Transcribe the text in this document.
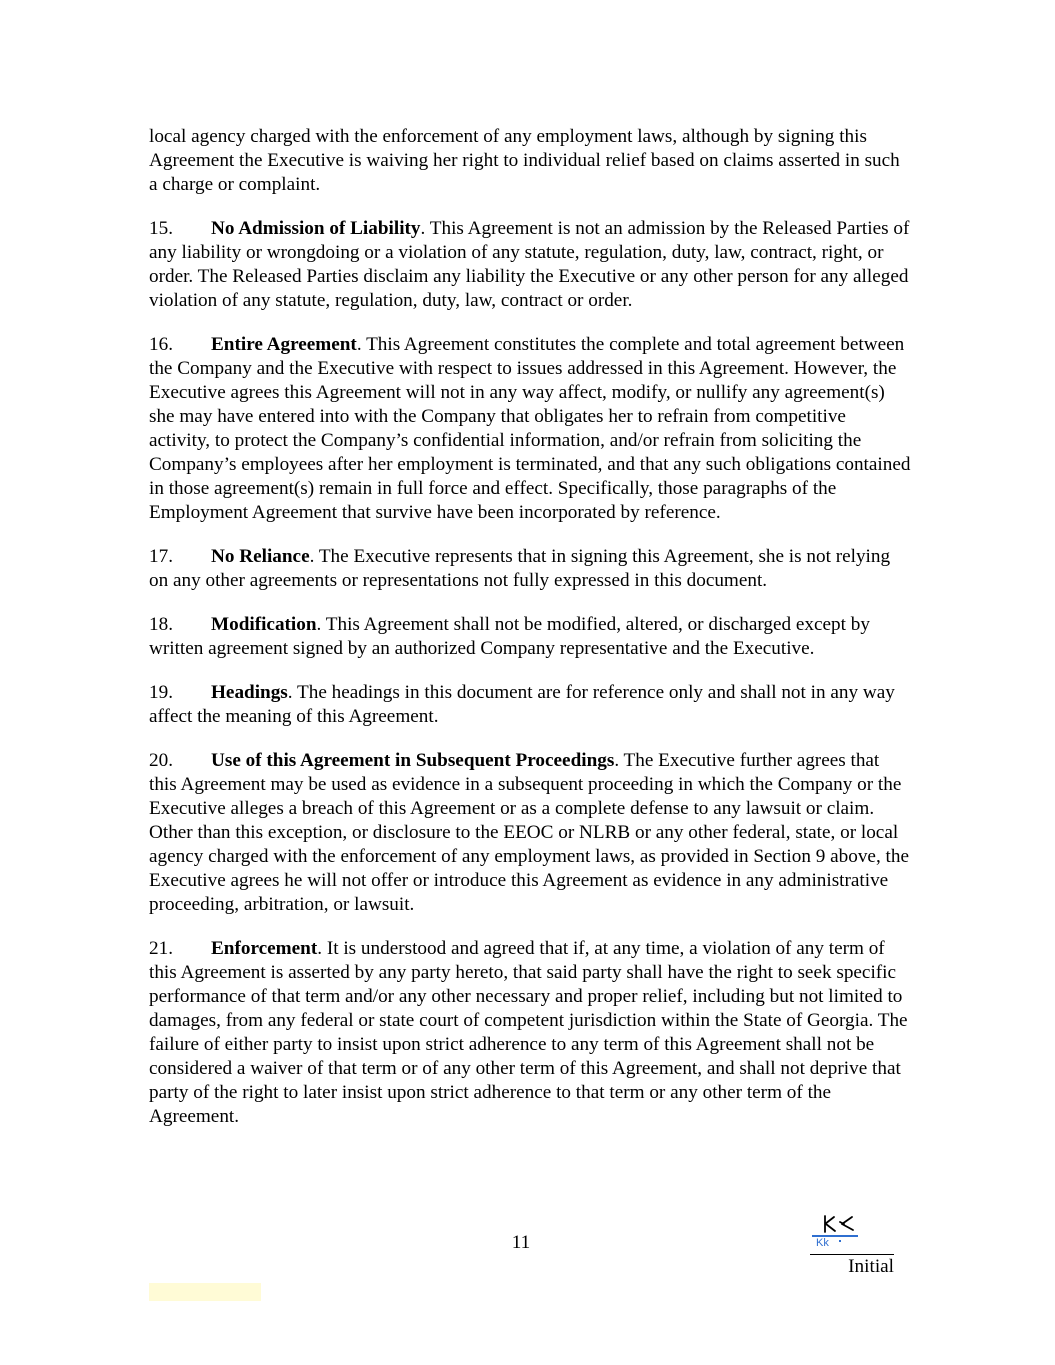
local agency charged with the enforcement of any employment laws, although by signing this Agreement the Executive is waiving her right to individual relief based on claims asserted in such a charge or complaint.

15. No Admission of Liability. This Agreement is not an admission by the Released Parties of any liability or wrongdoing or a violation of any statute, regulation, duty, law, contract, right, or order. The Released Parties disclaim any liability the Executive or any other person for any alleged violation of any statute, regulation, duty, law, contract or order.

16. Entire Agreement. This Agreement constitutes the complete and total agreement between the Company and the Executive with respect to issues addressed in this Agreement. However, the Executive agrees this Agreement will not in any way affect, modify, or nullify any agreement(s) she may have entered into with the Company that obligates her to refrain from competitive activity, to protect the Company’s confidential information, and/or refrain from soliciting the Company’s employees after her employment is terminated, and that any such obligations contained in those agreement(s) remain in full force and effect. Specifically, those paragraphs of the Employment Agreement that survive have been incorporated by reference.

17. No Reliance. The Executive represents that in signing this Agreement, she is not relying on any other agreements or representations not fully expressed in this document.

18. Modification. This Agreement shall not be modified, altered, or discharged except by written agreement signed by an authorized Company representative and the Executive.

19. Headings. The headings in this document are for reference only and shall not in any way affect the meaning of this Agreement.

20. Use of this Agreement in Subsequent Proceedings. The Executive further agrees that this Agreement may be used as evidence in a subsequent proceeding in which the Company or the Executive alleges a breach of this Agreement or as a complete defense to any lawsuit or claim. Other than this exception, or disclosure to the EEOC or NLRB or any other federal, state, or local agency charged with the enforcement of any employment laws, as provided in Section 9 above, the Executive agrees he will not offer or introduce this Agreement as evidence in any administrative proceeding, arbitration, or lawsuit.

21. Enforcement. It is understood and agreed that if, at any time, a violation of any term of this Agreement is asserted by any party hereto, that said party shall have the right to seek specific performance of that term and/or any other necessary and proper relief, including but not limited to damages, from any federal or state court of competent jurisdiction within the State of Georgia. The failure of either party to insist upon strict adherence to any term of this Agreement shall not be considered a waiver of that term or of any other term of this Agreement, and shall not deprive that party of the right to later insist upon strict adherence to that term or any other term of the Agreement.

11	Kk
Initial
